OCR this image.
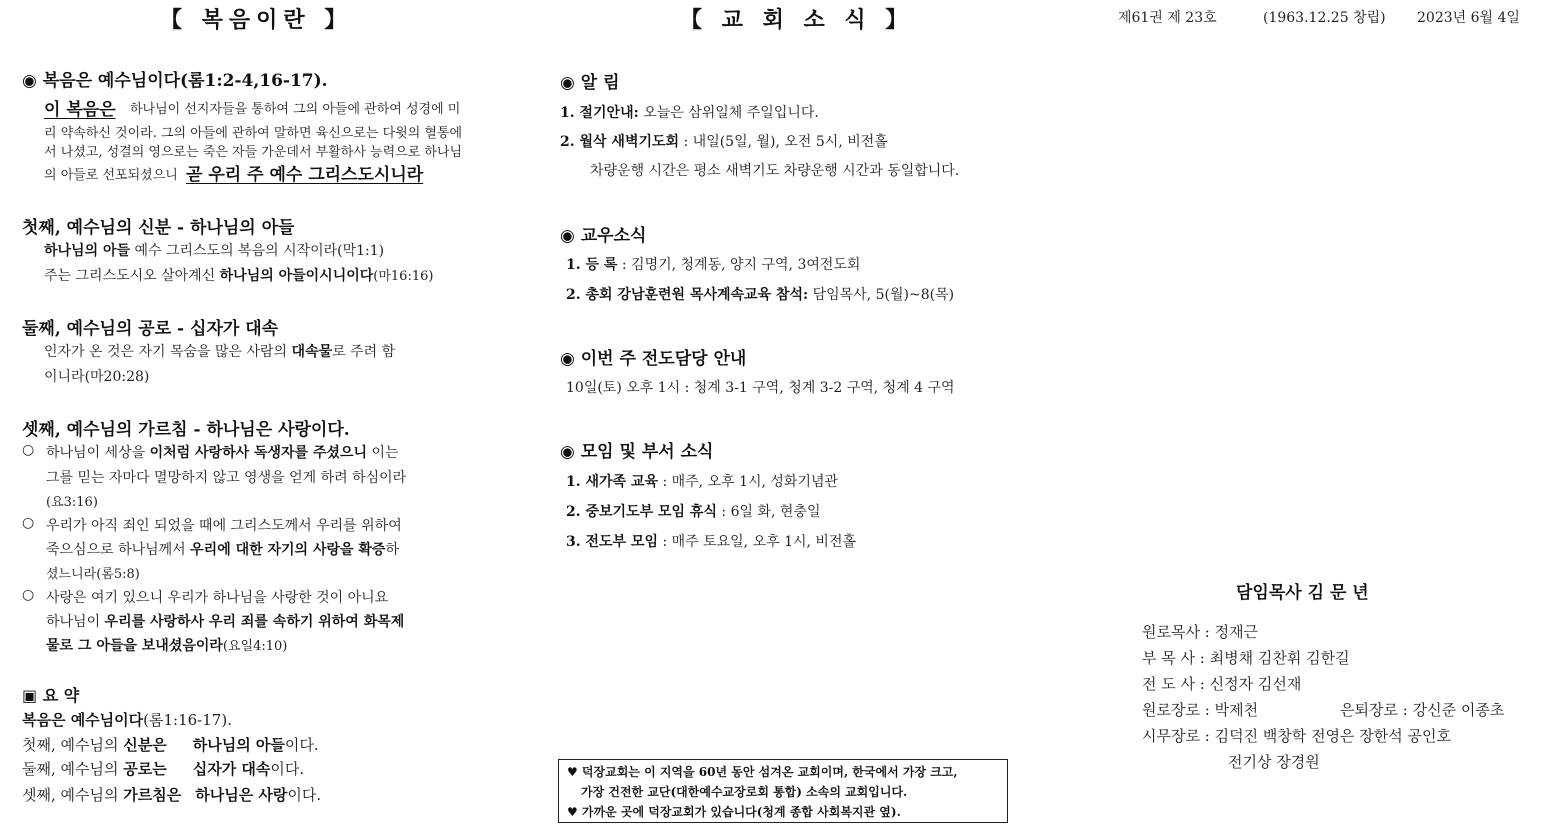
【 복음이란 】
◉ 복음은 예수님이다(롬1:2-4,16-17).
이 복음은 하나님이 선지자들을 통하여 그의 아들에 관하여 성경에 미
리 약속하신 것이라. 그의 아들에 관하여 말하면 육신으로는 다윗의 혈통에
서 나셨고, 성결의 영으로는 죽은 자들 가운데서 부활하사 능력으로 하나님
의 아들로 선포되셨으니 곧 우리 주 예수 그리스도시니라
첫째, 예수님의 신분 - 하나님의 아들
하나님의 아들 예수 그리스도의 복음의 시작이라(막1:1)
주는 그리스도시오 살아계신 하나님의 아들이시니이다(마16:16)
둘째, 예수님의 공로 - 십자가 대속
인자가 온 것은 자기 목숨을 많은 사람의 대속물로 주려 함
이니라(마20:28)
셋째, 예수님의 가르침 - 하나님은 사랑이다.
○ 하나님이 세상을 이처럼 사랑하사 독생자를 주셨으니 이는
그를 믿는 자마다 멸망하지 않고 영생을 얻게 하려 하심이라
(요3:16)
○ 우리가 아직 죄인 되었을 때에 그리스도께서 우리를 위하여
죽으심으로 하나님께서 우리에 대한 자기의 사랑을 확증하
셨느니라(롬5:8)
○ 사랑은 여기 있으니 우리가 하나님을 사랑한 것이 아니요
하나님이 우리를 사랑하사 우리 죄를 속하기 위하여 화목제
물로 그 아들을 보내셨음이라(요일4:10)
▣ 요 약
복음은 예수님이다(롬1:16-17).
첫째, 예수님의 신분은 하나님의 아들이다.
둘째, 예수님의 공로는 십자가 대속이다.
셋째, 예수님의 가르침은 하나님은 사랑이다.
【 교 회 소 식 】
◉ 알 림
1. 절기안내: 오늘은 삼위일체 주일입니다.
2. 월삭 새벽기도회 : 내일(5일, 월), 오전 5시, 비전홀
차량운행 시간은 평소 새벽기도 차량운행 시간과 동일합니다.
◉ 교우소식
1. 등 록 : 김명기, 청계동, 양지 구역, 3여전도회
2. 총회 강남훈련원 목사계속교육 참석: 담임목사, 5(월)~8(목)
◉ 이번 주 전도담당 안내
10일(토) 오후 1시 : 청계 3-1 구역, 청계 3-2 구역, 청계 4 구역
◉ 모임 및 부서 소식
1. 새가족 교육 : 매주, 오후 1시, 성화기념관
2. 중보기도부 모임 휴식 : 6일 화, 현충일
3. 전도부 모임 : 매주 토요일, 오후 1시, 비전홀
♥ 덕장교회는 이 지역을 60년 동안 섬겨온 교회이며, 한국에서 가장 크고,
가장 건전한 교단(대한예수교장로회 통합) 소속의 교회입니다.
♥ 가까운 곳에 덕장교회가 있습니다(청계 종합 사회복지관 옆).
제61권 제 23호	(1963.12.25 창립) 2023년 6월 4일
담임목사 김 문 년
원로목사 : 정재근
부 목 사 : 최병채 김찬휘 김한길
전 도 사 : 신정자 김선재
원로장로 : 박제천	은퇴장로 : 강신준 이종초
시무장로 : 김덕진 백창학 전영은 장한석 공인호
전기상 장경원
